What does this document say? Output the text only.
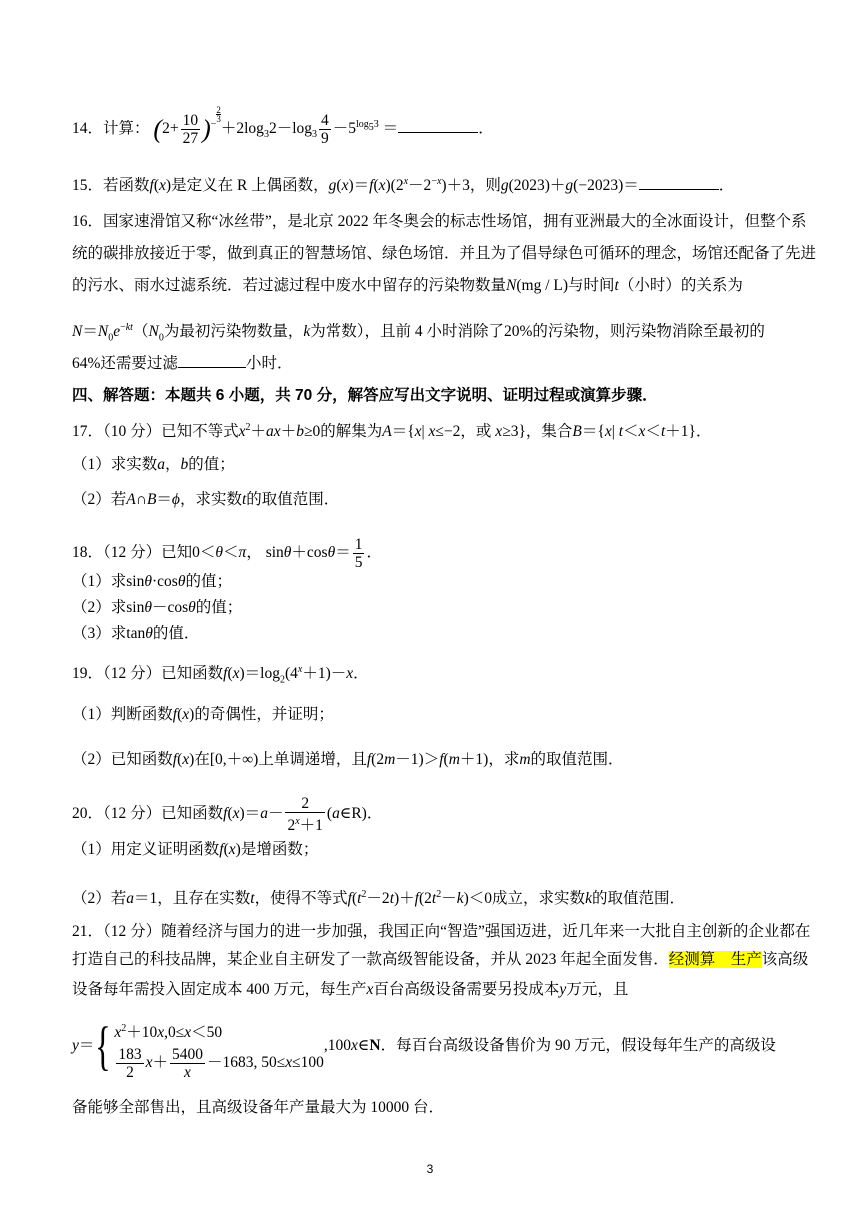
14．计算： $(2+ \frac{10}{27} )^{- \frac{2}{3}}$
$+2\log_32-\log_3 \frac{4}{9} -5^{log_53}$ ＝	．
15．若函数f(x)是定义在 R 上偶函数，$g(x)=f(x)(2^x-2^{-x})+3$，则g(2023)＋g(−2023)＝	．
16．国家速滑馆又称“冰丝带”，是北京 2022 年冬奥会的标志性场馆，拥有亚洲最大的全冰面设计，但整个系
统的碳排放接近于零，做到真正的智慧场馆、绿色场馆．并且为了倡导绿色可循环的理念，场馆还配备了先进
的污水、雨水过滤系统．若过滤过程中废水中留存的污染物数量N(mg / L)与时间t（小时）的关系为
$N=N_0e^{-kt}(N_0$为最初污染物数量，k为常数），且前 4 小时消除了20%的污染物，则污染物消除至最初的
64%还需要过滤	小时．
四、解答题：本题共 6 小题，共 70 分，解答应写出文字说明、证明过程或演算步骤．
17．（10 分）已知不等式$x^2+ax+b\ge 0$的解集为A＝{x| x≤−2，或 x≥3}，集合B＝{x| t＜x＜t＋1}．
（1）求实数a，b的值；
（2）若A∩B＝ϕ，求实数t的取值范围．
18．（12 分）已知0＜θ＜π， $\sin\theta+\cos\theta= \frac{1}{5}$ ．
（1）求sinθ·cosθ的值；
（2）求sinθ－cosθ的值；
（3）求tanθ的值．
19．（12 分）已知函数$f(x)=\log_2(4^x+1)-x$．
（1）判断函数f(x)的奇偶性，并证明；
（2）已知函数f(x)在[0,＋∞)上单调递增，且f(2m－1)＞f(m＋1)，求m的取值范围．
20．（12 分）已知函数$f(x)=a- \frac{2}{2^x+1}$ (a∈R)．
（1）用定义证明函数f(x)是增函数；
（2）若a＝1，且存在实数t，使得不等式$f(t^2-2t)+f(2t^2-k)<0$成立，求实数k的取值范围．
21．（12 分）随着经济与国力的进一步加强，我国正向“智造”强国迈进，近几年来一大批自主创新的企业都在
打造自己的科技品牌，某企业自主研发了一款高级智能设备，并从 2023 年起全面发售．经测算　生产该高级
设备每年需投入固定成本 400 万元，每生产x百台高级设备需要另投成本y万元，且
y＝{ $x^2+10x,0\le x<50$
$\frac{183}{2} x+ \frac{5400}{x} -1683$, 50≤x≤100
,100x∈N．每百台高级设备售价为 90 万元，假设每年生产的高级设
备能够全部售出，且高级设备年产量最大为 10000 台．
3
